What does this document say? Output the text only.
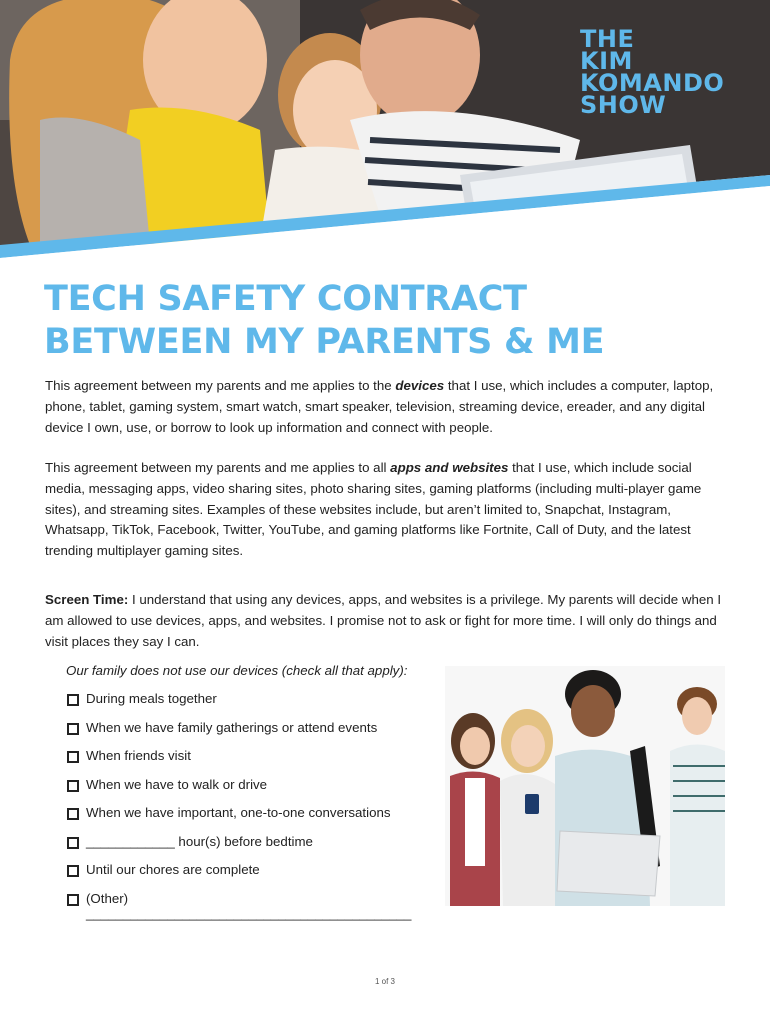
THE
KIM
KOMANDO
SHOW
TECH SAFETY CONTRACT
BETWEEN MY PARENTS & ME

This agreement between my parents and me applies to the devices that I use, which includes a computer, laptop, phone, tablet, gaming system, smart watch, smart speaker, television, streaming device, ereader, and any digital device I own, use, or borrow to look up information and connect with people.

This agreement between my parents and me applies to all apps and websites that I use, which include social media, messaging apps, video sharing sites, photo sharing sites, gaming platforms (including multi-player game sites), and streaming sites. Examples of these websites include, but aren’t limited to, Snapchat, Instagram, Whatsapp, TikTok, Facebook, Twitter, YouTube, and gaming platforms like Fortnite, Call of Duty, and the latest trending multiplayer gaming sites.

Screen Time: I understand that using any devices, apps, and websites is a privilege. My parents will decide when I am allowed to use devices, apps, and websites. I promise not to ask or fight for more time. I will only do things and visit places they say I can.

Our family does not use our devices (check all that apply):
During meals together
When we have family gatherings or attend events
When friends visit
When we have to walk or drive
When we have important, one-to-one conversations
____________ hour(s) before bedtime
Until our chores are complete
(Other) ____________________________________________
1 of 3
